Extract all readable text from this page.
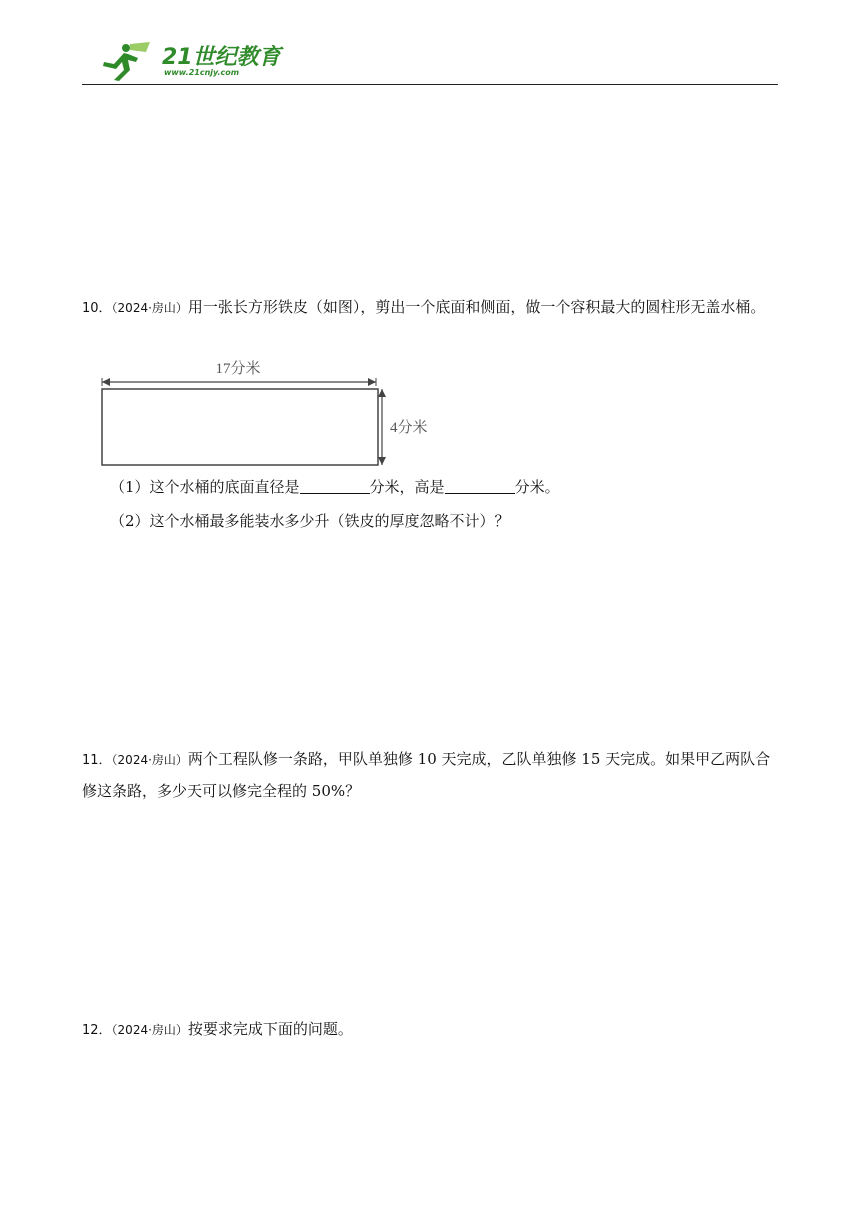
21世纪教育
www.21cnjy.com
10．（2024·房山）用一张长方形铁皮（如图），剪出一个底面和侧面，做一个容积最大的圆柱形无盖水桶。
17分米
4分米
（1）这个水桶的底面直径是	分米，高是	分米。
（2）这个水桶最多能装水多少升（铁皮的厚度忽略不计）？
11．（2024·房山）两个工程队修一条路，甲队单独修 10 天完成，乙队单独修 15 天完成。如果甲乙两队合修这条路，多少天可以修完全程的 50%？
12．（2024·房山）按要求完成下面的问题。
